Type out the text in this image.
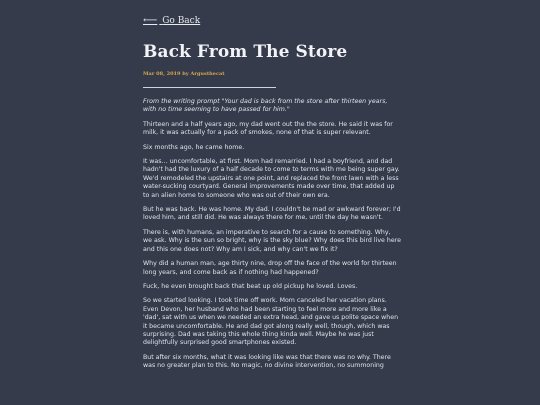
⟵ Go Back
Back From The Store
Mar 08, 2019 by Argusthecat

From the writing prompt "Your dad is back from the store after thirteen years, with no time seeming to have passed for him."

Thirteen and a half years ago, my dad went out the the store. He said it was for milk, it was actually for a pack of smokes, none of that is super relevant.

Six months ago, he came home.

It was… uncomfortable, at first. Mom had remarried. I had a boyfriend, and dad hadn't had the luxury of a half decade to come to terms with me being super gay. We'd remodeled the upstairs at one point, and replaced the front lawn with a less water-sucking courtyard. General improvements made over time, that added up to an alien home to someone who was out of their own era.

But he was back. He was home. My dad. I couldn't be mad or awkward forever; I'd loved him, and still did. He was always there for me, until the day he wasn't.

There is, with humans, an imperative to search for a cause to something. Why, we ask. Why is the sun so bright, why is the sky blue? Why does this bird live here and this one does not? Why am I sick, and why can't we fix it?

Why did a human man, age thirty nine, drop off the face of the world for thirteen long years, and come back as if nothing had happened?

Fuck, he even brought back that beat up old pickup he loved. Loves.

So we started looking. I took time off work. Mom canceled her vacation plans. Even Devon, her husband who had been starting to feel more and more like a 'dad', sat with us when we needed an extra head, and gave us polite space when it became uncomfortable. He and dad got along really well, though, which was surprising. Dad was taking this whole thing kinda well. Maybe he was just delightfully surprised good smartphones existed.

But after six months, what it was looking like was that there was no why. There was no greater plan to this. No magic, no divine intervention, no summoning
